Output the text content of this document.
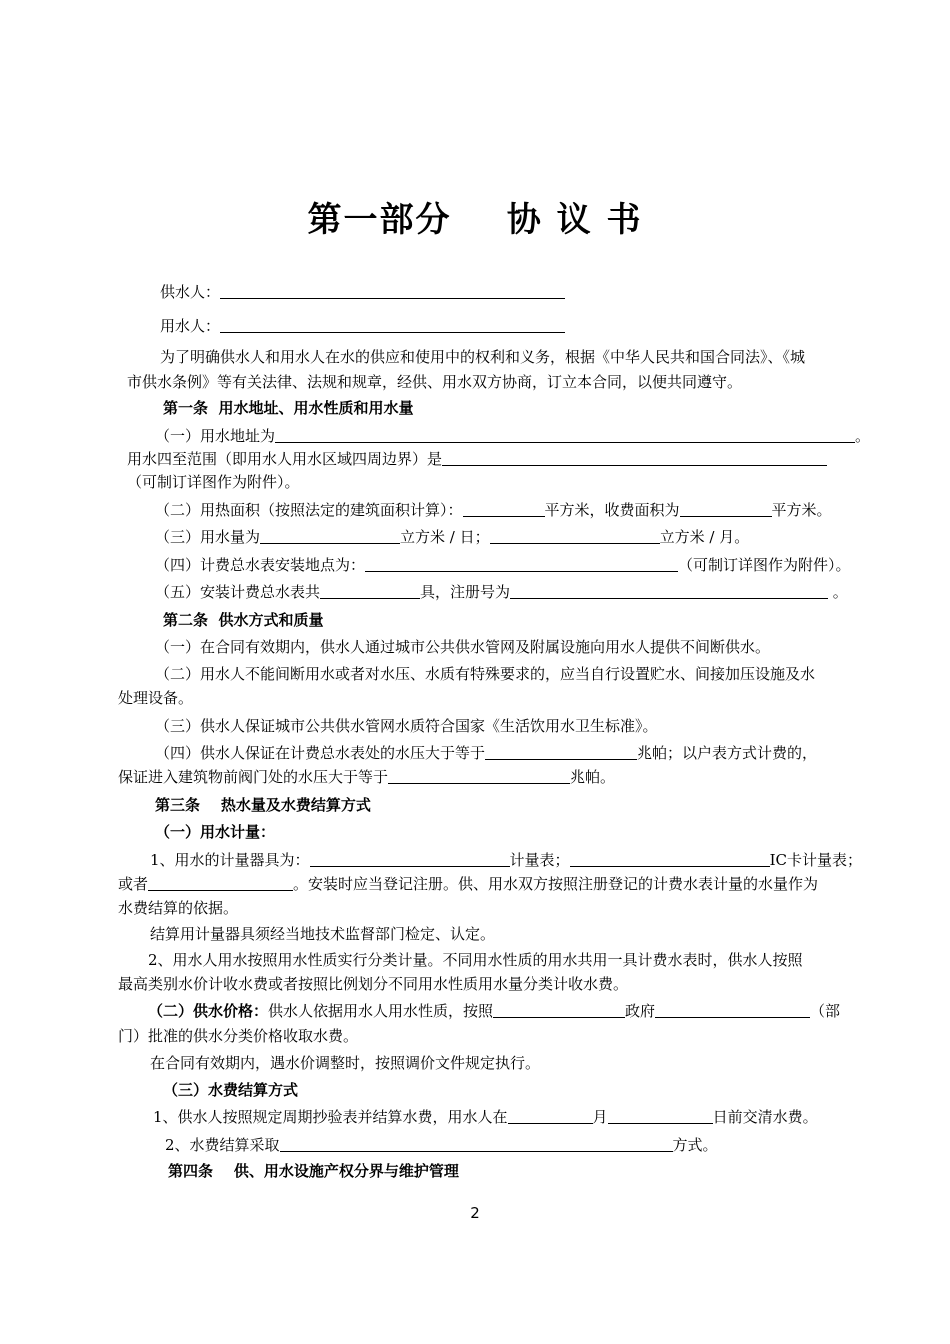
第一部分    协 议 书
供水人：
用水人：
为了明确供水人和用水人在水的供应和使用中的权利和义务，根据《中华人民共和国合同法》、《城
市供水条例》等有关法律、法规和规章，经供、用水双方协商，订立本合同，以便共同遵守。
第一条  用水地址、用水性质和用水量
（一）用水地址为	。
用水四至范围（即用水人用水区域四周边界）是
（可制订详图作为附件）。
（二）用热面积（按照法定的建筑面积计算）：	平方米，收费面积为	平方米。
（三）用水量为	立方米 / 日；	立方米 / 月。
（四）计费总水表安装地点为：	（可制订详图作为附件）。
（五）安装计费总水表共	具，注册号为	。
第二条  供水方式和质量
（一）在合同有效期内，供水人通过城市公共供水管网及附属设施向用水人提供不间断供水。
（二）用水人不能间断用水或者对水压、水质有特殊要求的，应当自行设置贮水、间接加压设施及水
处理设备。
（三）供水人保证城市公共供水管网水质符合国家《生活饮用水卫生标准》。
（四）供水人保证在计费总水表处的水压大于等于	兆帕；以户表方式计费的，
保证进入建筑物前阀门处的水压大于等于	兆帕。
第三条    热水量及水费结算方式
（一）用水计量：
1、用水的计量器具为：	计量表；	IC卡计量表；
或者	。安装时应当登记注册。供、用水双方按照注册登记的计费水表计量的水量作为
水费结算的依据。
结算用计量器具须经当地技术监督部门检定、认定。
2、用水人用水按照用水性质实行分类计量。不同用水性质的用水共用一具计费水表时，供水人按照
最高类别水价计收水费或者按照比例划分不同用水性质用水量分类计收水费。
（二）供水价格：供水人依据用水人用水性质，按照	政府	（部
门）批准的供水分类价格收取水费。
在合同有效期内，遇水价调整时，按照调价文件规定执行。
（三）水费结算方式
1、供水人按照规定周期抄验表并结算水费，用水人在	月	日前交清水费。
2、水费结算采取	方式。
第四条    供、用水设施产权分界与维护管理
2
